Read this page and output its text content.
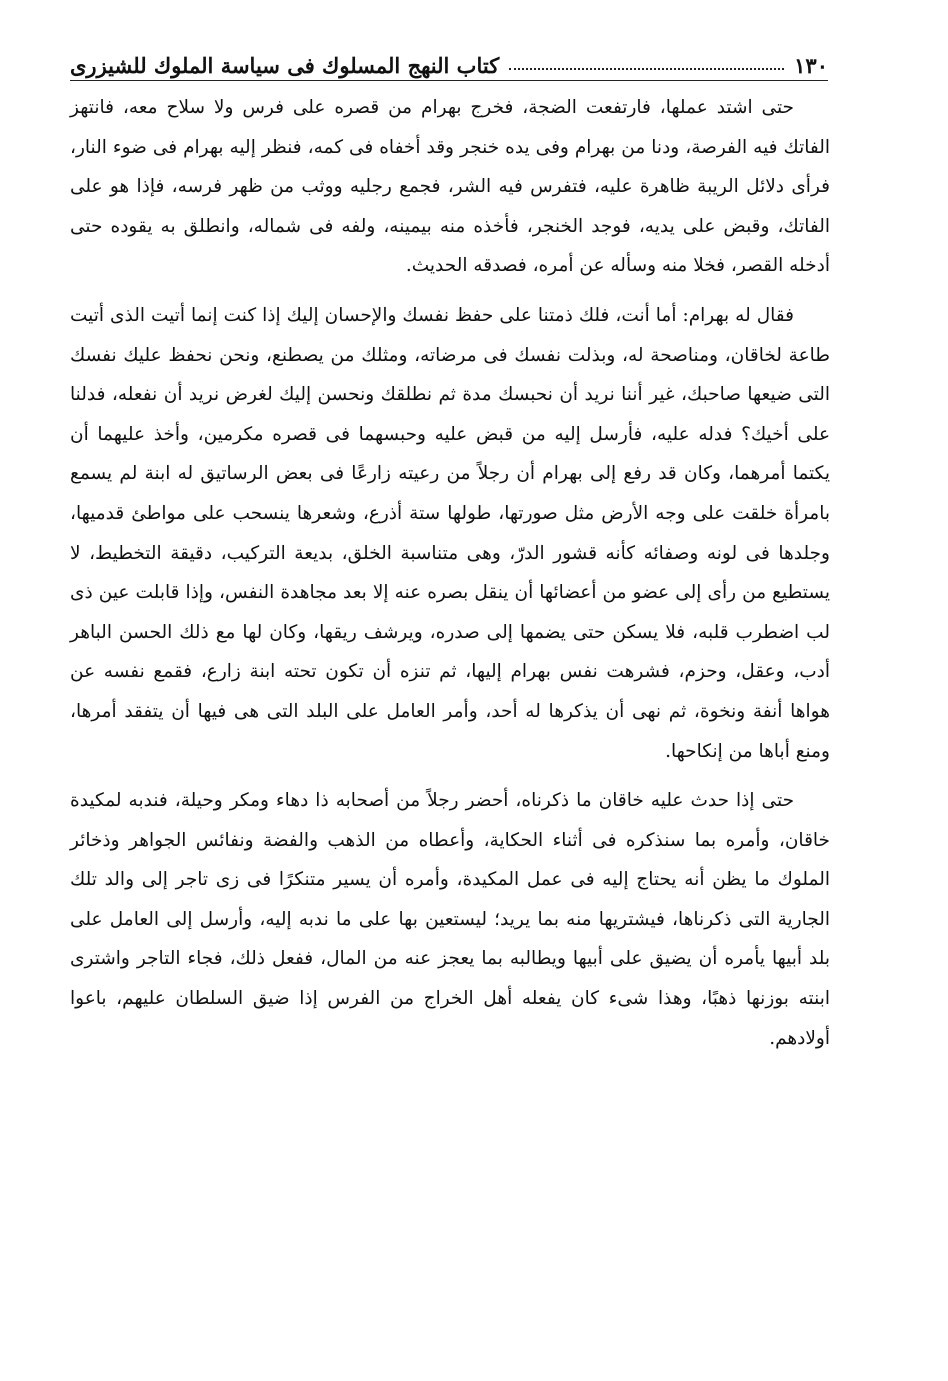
١٣٠
كتاب النهج المسلوك فى سياسة الملوك للشيزرى

حتى اشتد عملها، فارتفعت الضجة، فخرج بهرام من قصره على فرس ولا سلاح معه، فانتهز الفاتك فيه الفرصة، ودنا من بهرام وفى يده خنجر وقد أخفاه فى كمه، فنظر إليه بهرام فى ضوء النار، فرأى دلائل الريبة ظاهرة عليه، فتفرس فيه الشر، فجمع رجليه ووثب من ظهر فرسه، فإذا هو على الفاتك، وقبض على يديه، فوجد الخنجر، فأخذه منه بيمينه، ولفه فى شماله، وانطلق به يقوده حتى أدخله القصر، فخلا منه وسأله عن أمره، فصدقه الحديث.

فقال له بهرام: أما أنت، فلك ذمتنا على حفظ نفسك والإحسان إليك إذا كنت إنما أتيت الذى أتيت طاعة لخاقان، ومناصحة له، وبذلت نفسك فى مرضاته، ومثلك من يصطنع، ونحن نحفظ عليك نفسك التى ضيعها صاحبك، غير أننا نريد أن نحبسك مدة ثم نطلقك ونحسن إليك لغرض نريد أن نفعله، فدلنا على أخيك؟ فدله عليه، فأرسل إليه من قبض عليه وحبسهما فى قصره مكرمين، وأخذ عليهما أن يكتما أمرهما، وكان قد رفع إلى بهرام أن رجلاً من رعيته زارعًا فى بعض الرساتيق له ابنة لم يسمع بامرأة خلقت على وجه الأرض مثل صورتها، طولها ستة أذرع، وشعرها ينسحب على مواطئ قدميها، وجلدها فى لونه وصفائه كأنه قشور الدرّ، وهى متناسبة الخلق، بديعة التركيب، دقيقة التخطيط، لا يستطيع من رأى إلى عضو من أعضائها أن ينقل بصره عنه إلا بعد مجاهدة النفس، وإذا قابلت عين ذى لب اضطرب قلبه، فلا يسكن حتى يضمها إلى صدره، ويرشف ريقها، وكان لها مع ذلك الحسن الباهر أدب، وعقل، وحزم، فشرهت نفس بهرام إليها، ثم تنزه أن تكون تحته ابنة زارع، فقمع نفسه عن هواها أنفة ونخوة، ثم نهى أن يذكرها له أحد، وأمر العامل على البلد التى هى فيها أن يتفقد أمرها، ومنع أباها من إنكاحها.

حتى إذا حدث عليه خاقان ما ذكرناه، أحضر رجلاً من أصحابه ذا دهاء ومكر وحيلة، فندبه لمكيدة خاقان، وأمره بما سنذكره فى أثناء الحكاية، وأعطاه من الذهب والفضة ونفائس الجواهر وذخائر الملوك ما يظن أنه يحتاج إليه فى عمل المكيدة، وأمره أن يسير متنكرًا فى زى تاجر إلى والد تلك الجارية التى ذكرناها، فيشتريها منه بما يريد؛ ليستعين بها على ما ندبه إليه، وأرسل إلى العامل على بلد أبيها يأمره أن يضيق على أبيها ويطالبه بما يعجز عنه من المال، ففعل ذلك، فجاء التاجر واشترى ابنته بوزنها ذهبًا، وهذا شىء كان يفعله أهل الخراج من الفرس إذا ضيق السلطان عليهم، باعوا أولادهم.
